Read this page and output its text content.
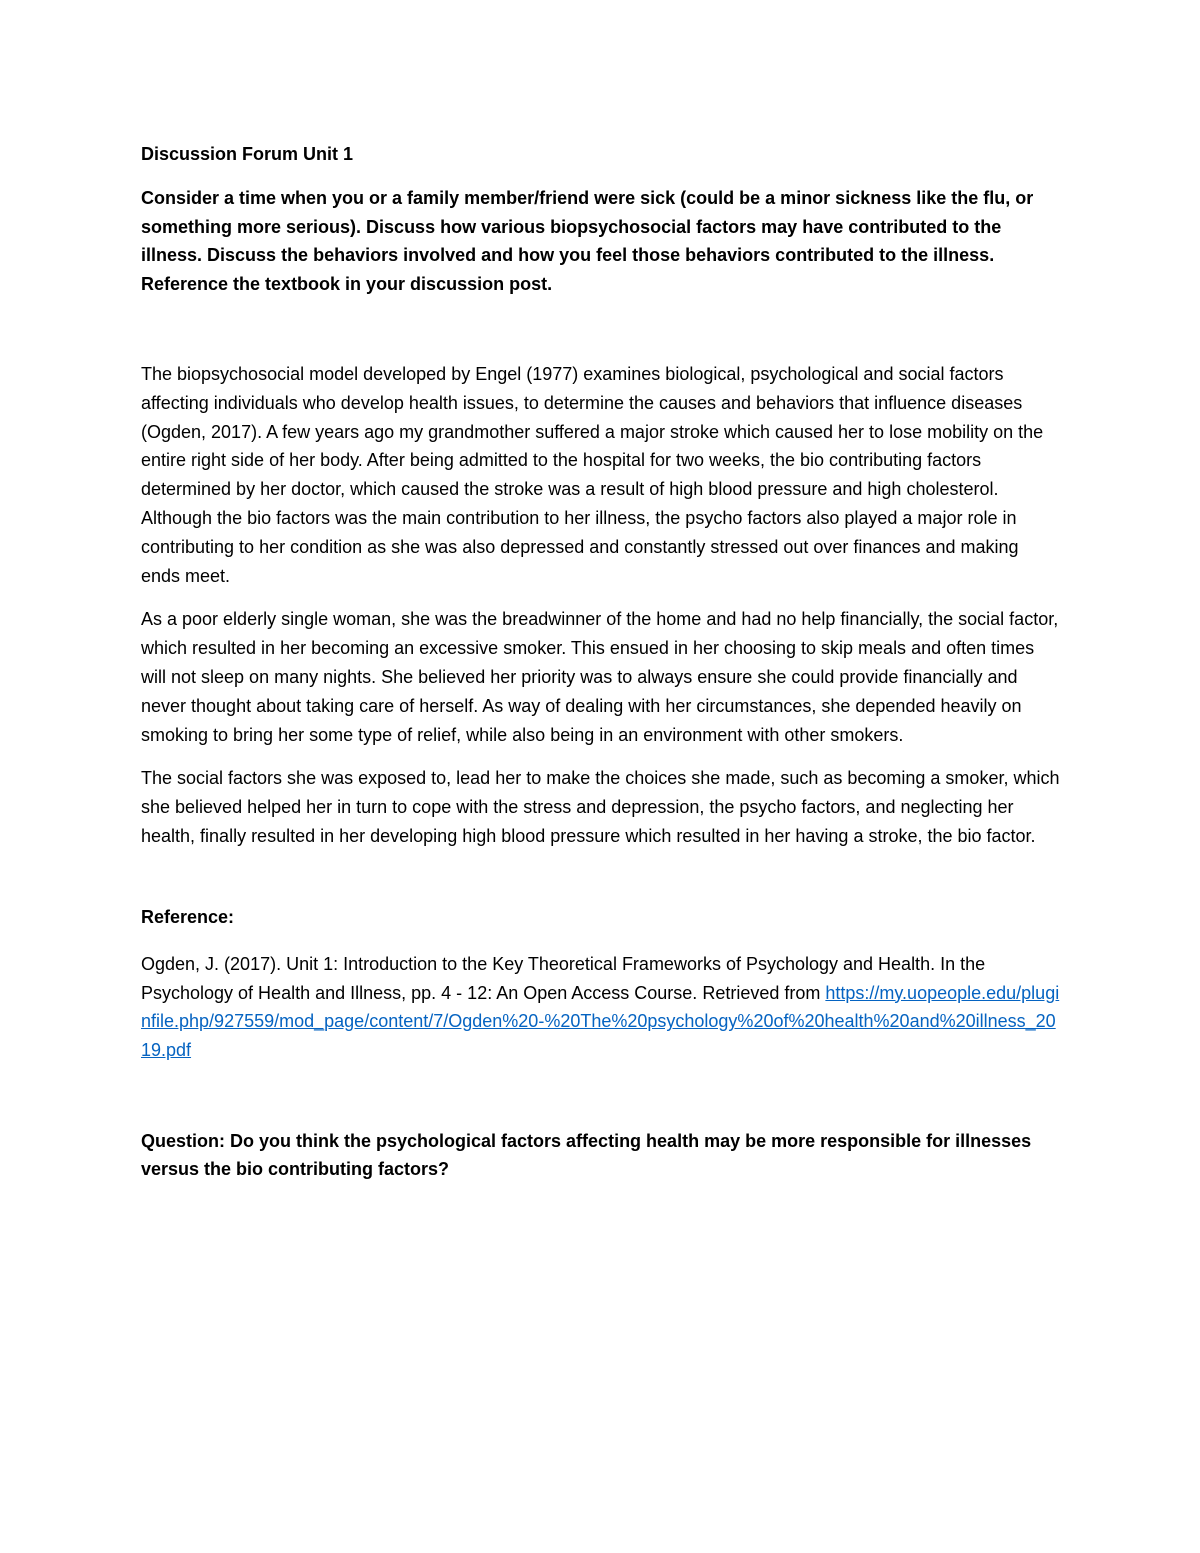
Discussion Forum Unit 1
Consider a time when you or a family member/friend were sick (could be a minor sickness like the flu, or something more serious). Discuss how various biopsychosocial factors may have contributed to the illness. Discuss the behaviors involved and how you feel those behaviors contributed to the illness. Reference the textbook in your discussion post.

The biopsychosocial model developed by Engel (1977) examines biological, psychological and social factors affecting individuals who develop health issues, to determine the causes and behaviors that influence diseases (Ogden, 2017). A few years ago my grandmother suffered a major stroke which caused her to lose mobility on the entire right side of her body. After being admitted to the hospital for two weeks, the bio contributing factors determined by her doctor, which caused the stroke was a result of high blood pressure and high cholesterol. Although the bio factors was the main contribution to her illness, the psycho factors also played a major role in contributing to her condition as she was also depressed and constantly stressed out over finances and making ends meet.

As a poor elderly single woman, she was the breadwinner of the home and had no help financially, the social factor, which resulted in her becoming an excessive smoker. This ensued in her choosing to skip meals and often times will not sleep on many nights. She believed her priority was to always ensure she could provide financially and never thought about taking care of herself. As way of dealing with her circumstances, she depended heavily on smoking to bring her some type of relief, while also being in an environment with other smokers.

The social factors she was exposed to, lead her to make the choices she made, such as becoming a smoker, which she believed helped her in turn to cope with the stress and depression, the psycho factors, and neglecting her health, finally resulted in her developing high blood pressure which resulted in her having a stroke, the bio factor.

Reference:

Ogden, J. (2017). Unit 1: Introduction to the Key Theoretical Frameworks of Psychology and Health. In the Psychology of Health and Illness, pp. 4 - 12: An Open Access Course. Retrieved from https://my.uopeople.edu/pluginfile.php/927559/mod_page/content/7/Ogden%20-%20The%20psychology%20of%20health%20and%20illness_2019.pdf

Question: Do you think the psychological factors affecting health may be more responsible for illnesses versus the bio contributing factors?
